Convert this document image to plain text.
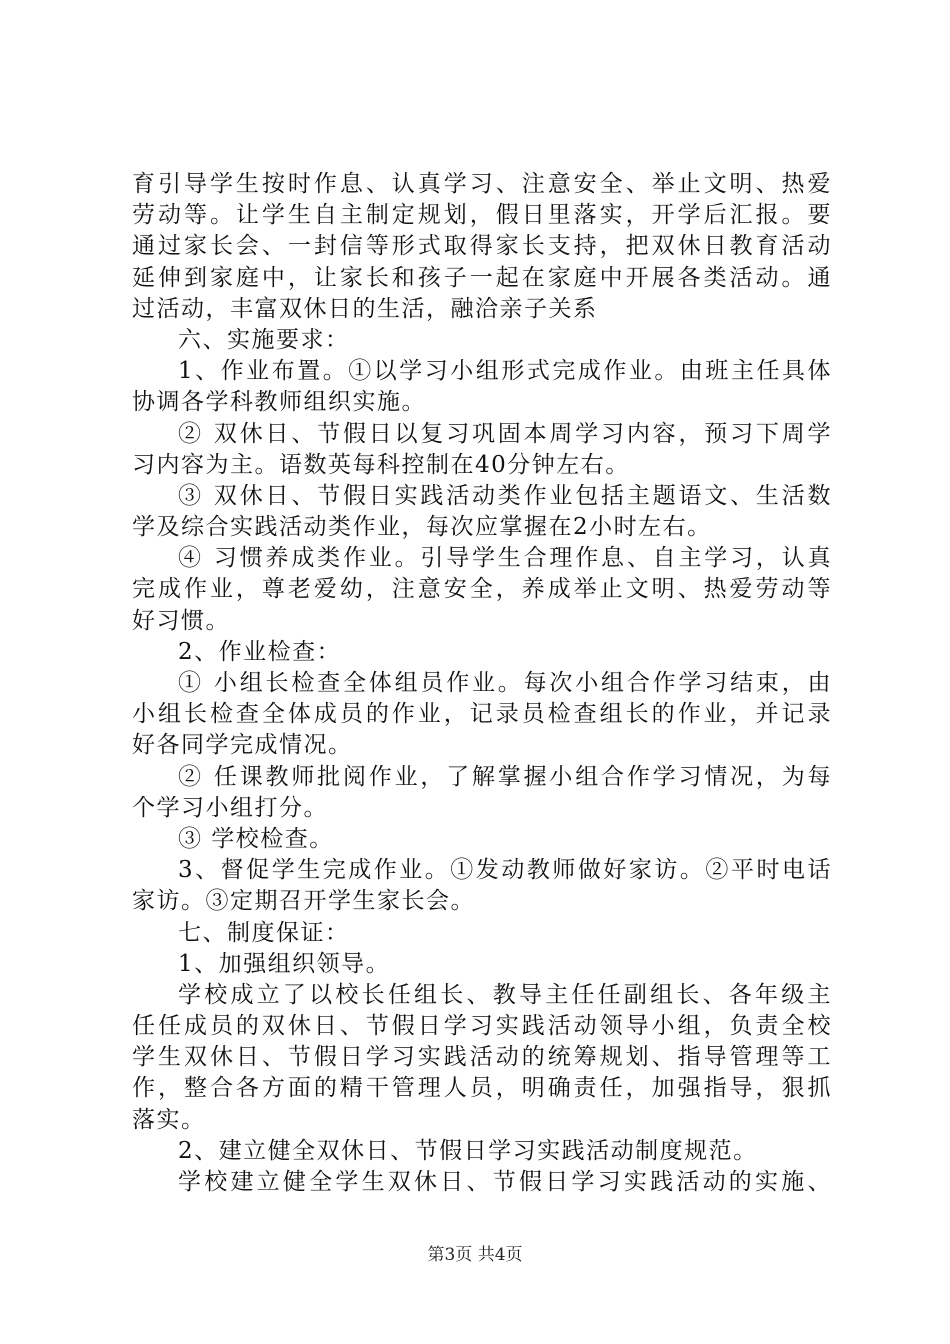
育引导学生按时作息、认真学习、注意安全、举止文明、热爱
劳动等。让学生自主制定规划，假日里落实，开学后汇报。要
通过家长会、一封信等形式取得家长支持，把双休日教育活动
延伸到家庭中，让家长和孩子一起在家庭中开展各类活动。通
过活动，丰富双休日的生活，融洽亲子关系
六、实施要求：
1、作业布置。①以学习小组形式完成作业。由班主任具体
协调各学科教师组织实施。
② 双休日、节假日以复习巩固本周学习内容，预习下周学
习内容为主。语数英每科控制在40分钟左右。
③ 双休日、节假日实践活动类作业包括主题语文、生活数
学及综合实践活动类作业，每次应掌握在2小时左右。
④ 习惯养成类作业。引导学生合理作息、自主学习，认真
完成作业，尊老爱幼，注意安全，养成举止文明、热爱劳动等
好习惯。
2、作业检查：
① 小组长检查全体组员作业。每次小组合作学习结束，由
小组长检查全体成员的作业，记录员检查组长的作业，并记录
好各同学完成情况。
② 任课教师批阅作业，了解掌握小组合作学习情况，为每
个学习小组打分。
③ 学校检查。
3、督促学生完成作业。①发动教师做好家访。②平时电话
家访。③定期召开学生家长会。
七、制度保证：
1、加强组织领导。
学校成立了以校长任组长、教导主任任副组长、各年级主
任任成员的双休日、节假日学习实践活动领导小组，负责全校
学生双休日、节假日学习实践活动的统筹规划、指导管理等工
作，整合各方面的精干管理人员，明确责任，加强指导，狠抓
落实。
2、建立健全双休日、节假日学习实践活动制度规范。
学校建立健全学生双休日、节假日学习实践活动的实施、
第3页 共4页
